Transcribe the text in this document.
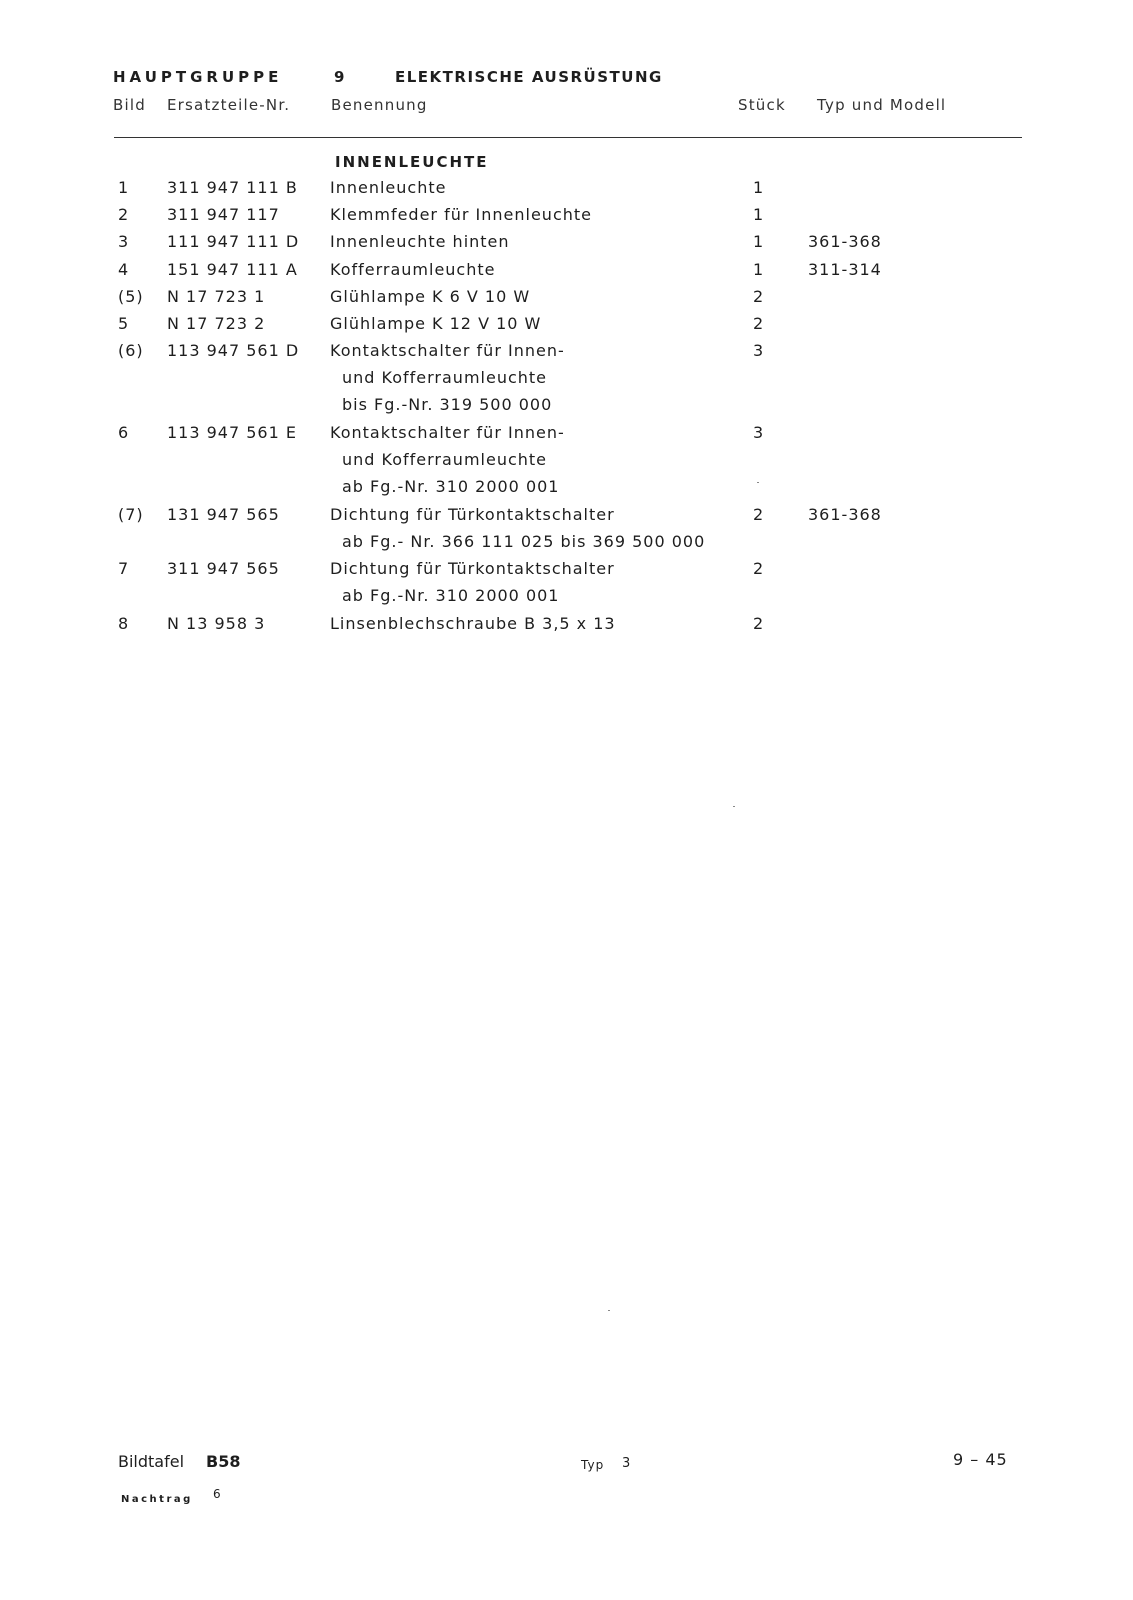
HAUPTGRUPPE	9	ELEKTRISCHE AUSRÜSTUNG
Bild Ersatzteile-Nr.	Benennung	Stück Typ und Modell
INNENLEUCHTE
1 311 947 111 B Innenleuchte	1
2 311 947 117	Klemmfeder für Innenleuchte	1
3 111 947 111 D Innenleuchte hinten	1	361-368
4 151 947 111 A Kofferraumleuchte	1	311-314
(5) N 17 723 1	Glühlampe K 6 V 10 W	2
5 N 17 723 2	Glühlampe K 12 V 10 W	2
(6) 113 947 561 D Kontaktschalter für Innen-	3
und Kofferraumleuchte
bis Fg.-Nr. 319 500 000
6 113 947 561 E Kontaktschalter für Innen-	3
und Kofferraumleuchte
ab Fg.-Nr. 310 2000 001
(7) 131 947 565	Dichtung für Türkontaktschalter	2	361-368
ab Fg.- Nr. 366 111 025 bis 369 500 000
7 311 947 565	Dichtung für Türkontaktschalter	2
ab Fg.-Nr. 310 2000 001
8 N 13 958 3	Linsenblechschraube B 3,5 x 13	2
Bildtafel B58	Typ 3	9 – 45
Nachtrag 6
